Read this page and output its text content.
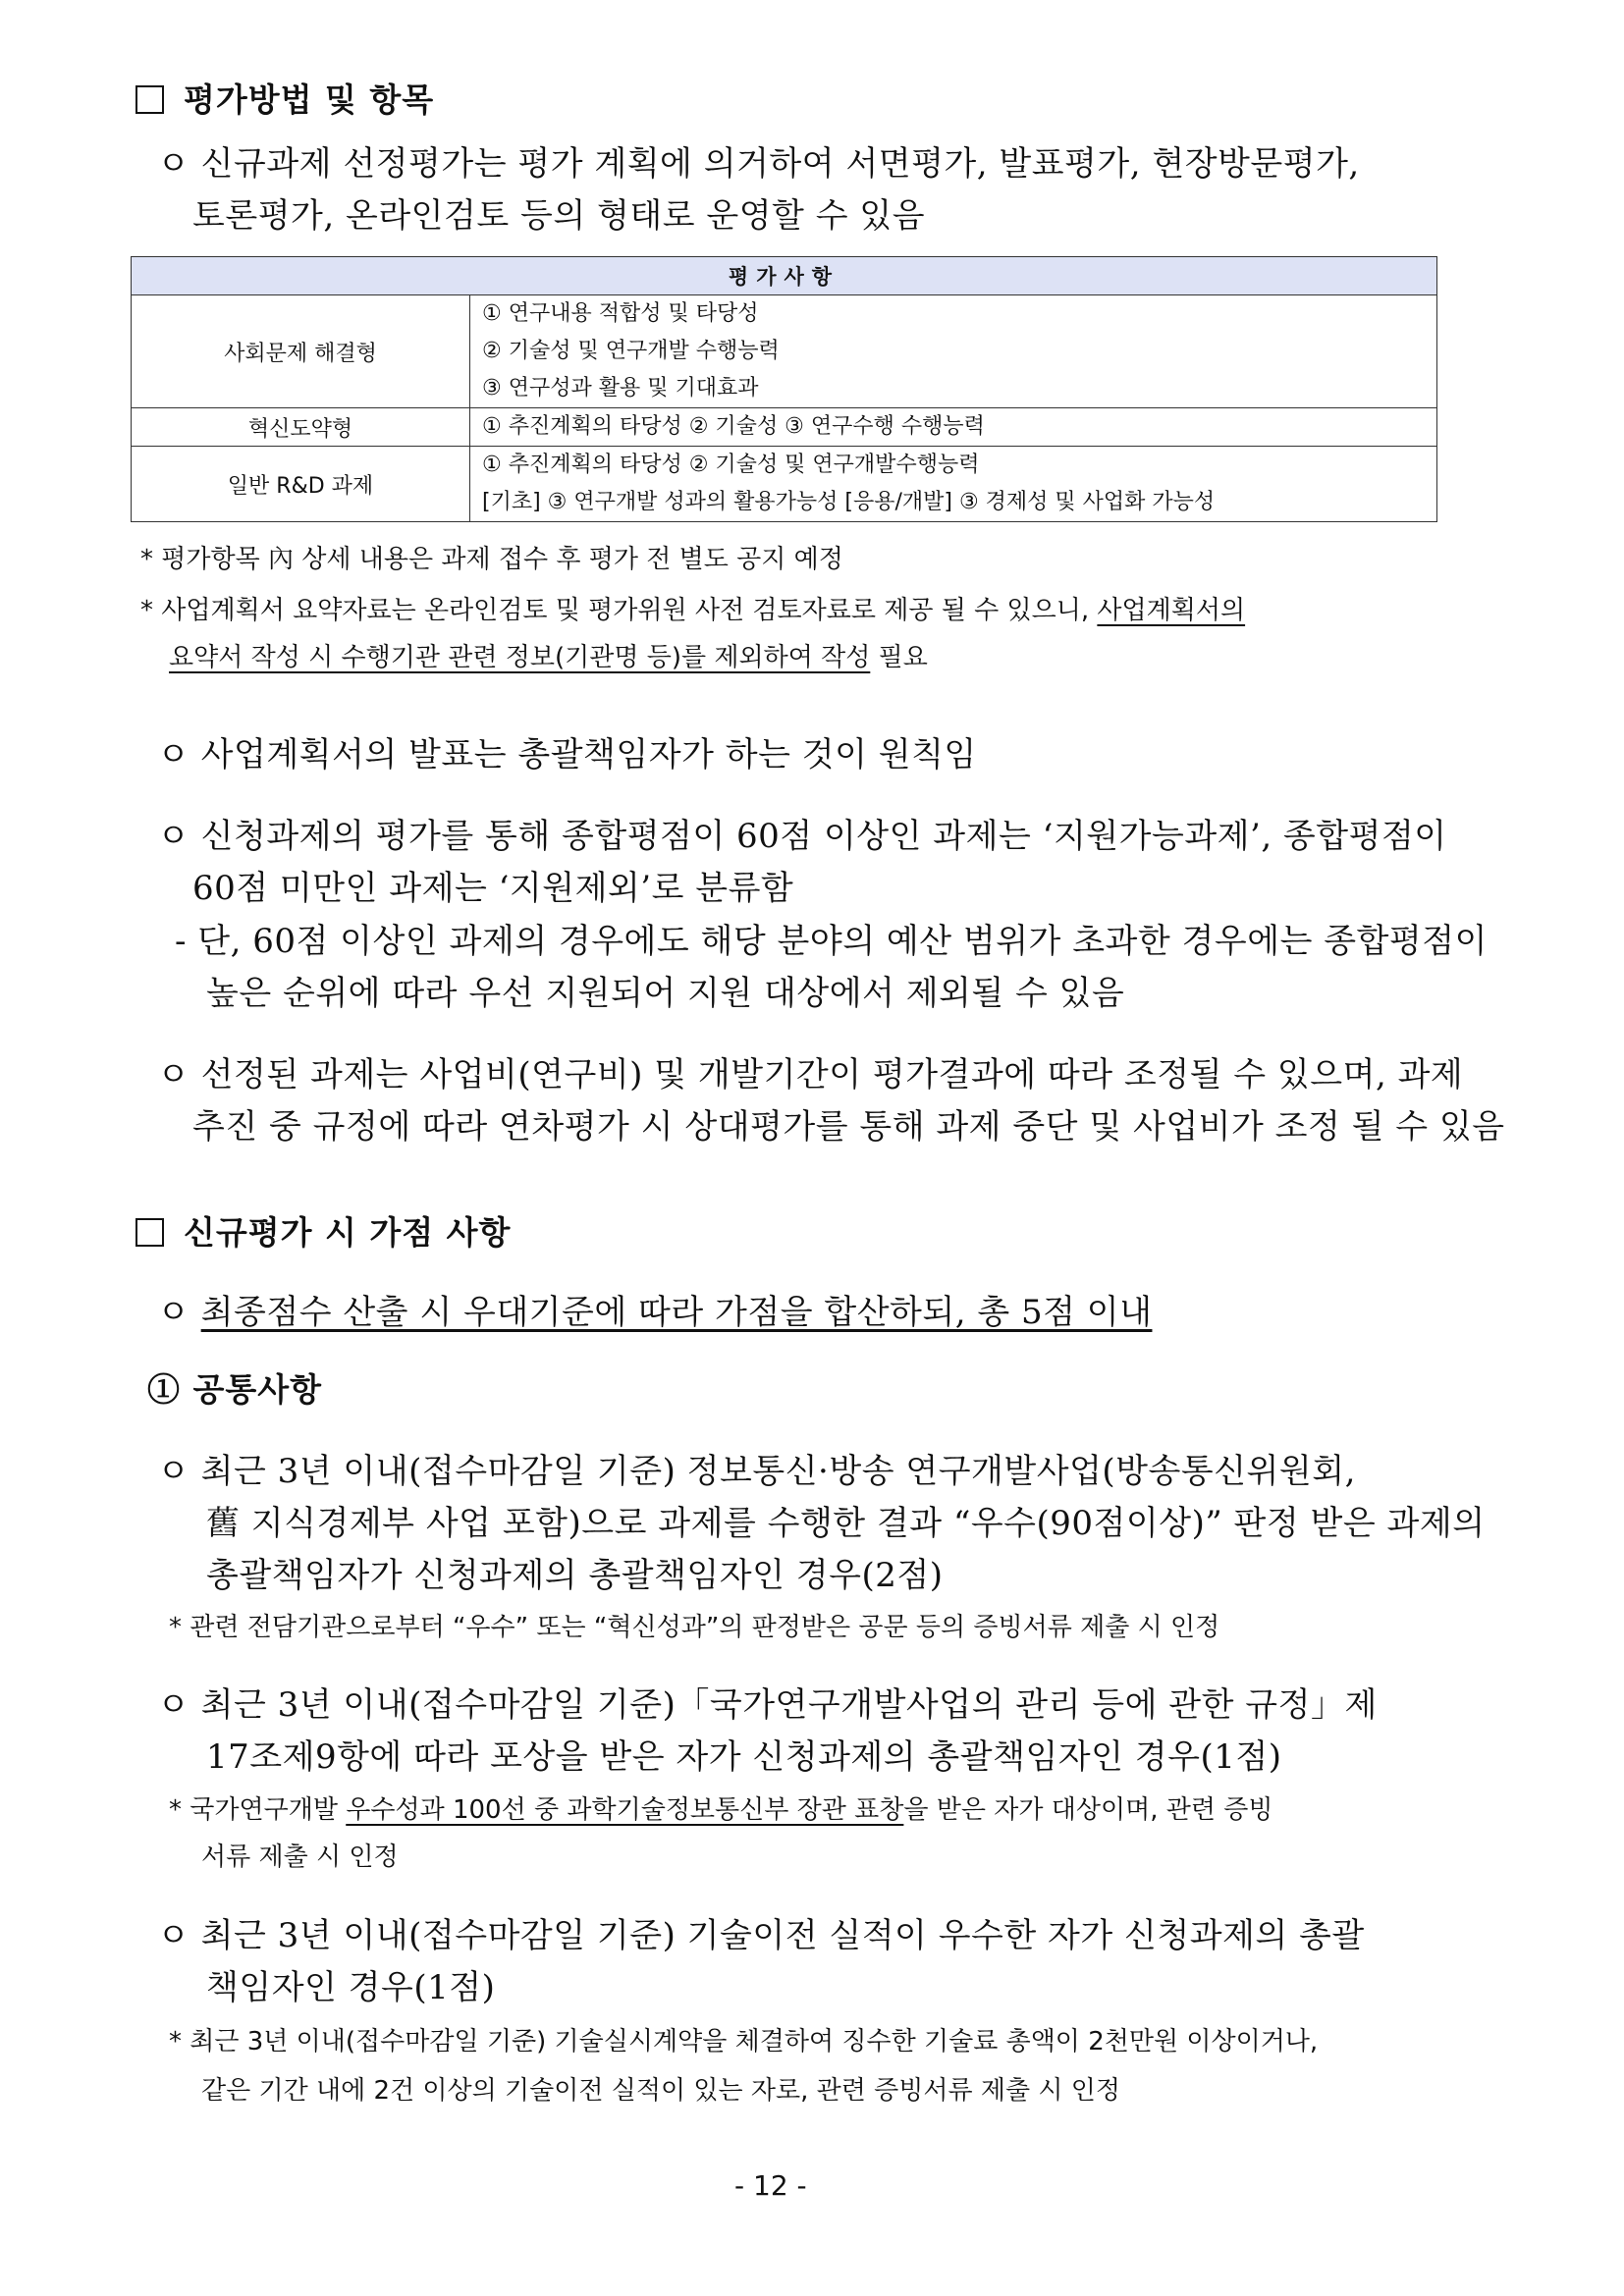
평가방법 및 항목
ㅇ 신규과제 선정평가는 평가 계획에 의거하여 서면평가, 발표평가, 현장방문평가,
토론평가, 온라인검토 등의 형태로 운영할 수 있음
평가사항	
사회문제 해결형	① 연구내용 적합성 및 타당성
② 기술성 및 연구개발 수행능력
③ 연구성과 활용 및 기대효과

혁신도약형	① 추진계획의 타당성 ② 기술성 ③ 연구수행 수행능력

일반 R&D 과제	① 추진계획의 타당성 ② 기술성 및 연구개발수행능력
[기초] ③ 연구개발 성과의 활용가능성 [응용/개발] ③ 경제성 및 사업화 가능성
* 평가항목 內 상세 내용은 과제 접수 후 평가 전 별도 공지 예정
* 사업계획서 요약자료는 온라인검토 및 평가위원 사전 검토자료로 제공 될 수 있으니, 사업계획서의
요약서 작성 시 수행기관 관련 정보(기관명 등)를 제외하여 작성 필요
ㅇ 사업계획서의 발표는 총괄책임자가 하는 것이 원칙임
ㅇ 신청과제의 평가를 통해 종합평점이 60점 이상인 과제는 ‘지원가능과제’, 종합평점이
60점 미만인 과제는 ‘지원제외’로 분류함
- 단, 60점 이상인 과제의 경우에도 해당 분야의 예산 범위가 초과한 경우에는 종합평점이
높은 순위에 따라 우선 지원되어 지원 대상에서 제외될 수 있음
ㅇ 선정된 과제는 사업비(연구비) 및 개발기간이 평가결과에 따라 조정될 수 있으며, 과제
추진 중 규정에 따라 연차평가 시 상대평가를 통해 과제 중단 및 사업비가 조정 될 수 있음
신규평가 시 가점 사항
ㅇ 최종점수 산출 시 우대기준에 따라 가점을 합산하되, 총 5점 이내
① 공통사항
ㅇ 최근 3년 이내(접수마감일 기준) 정보통신·방송 연구개발사업(방송통신위원회,
舊 지식경제부 사업 포함)으로 과제를 수행한 결과 “우수(90점이상)” 판정 받은 과제의
총괄책임자가 신청과제의 총괄책임자인 경우(2점)
* 관련 전담기관으로부터 “우수” 또는 “혁신성과”의 판정받은 공문 등의 증빙서류 제출 시 인정
ㅇ 최근 3년 이내(접수마감일 기준)「국가연구개발사업의 관리 등에 관한 규정」제
17조제9항에 따라 포상을 받은 자가 신청과제의 총괄책임자인 경우(1점)
* 국가연구개발 우수성과 100선 중 과학기술정보통신부 장관 표창을 받은 자가 대상이며, 관련 증빙
서류 제출 시 인정
ㅇ 최근 3년 이내(접수마감일 기준) 기술이전 실적이 우수한 자가 신청과제의 총괄
책임자인 경우(1점)
* 최근 3년 이내(접수마감일 기준) 기술실시계약을 체결하여 징수한 기술료 총액이 2천만원 이상이거나,
같은 기간 내에 2건 이상의 기술이전 실적이 있는 자로, 관련 증빙서류 제출 시 인정
- 12 -
